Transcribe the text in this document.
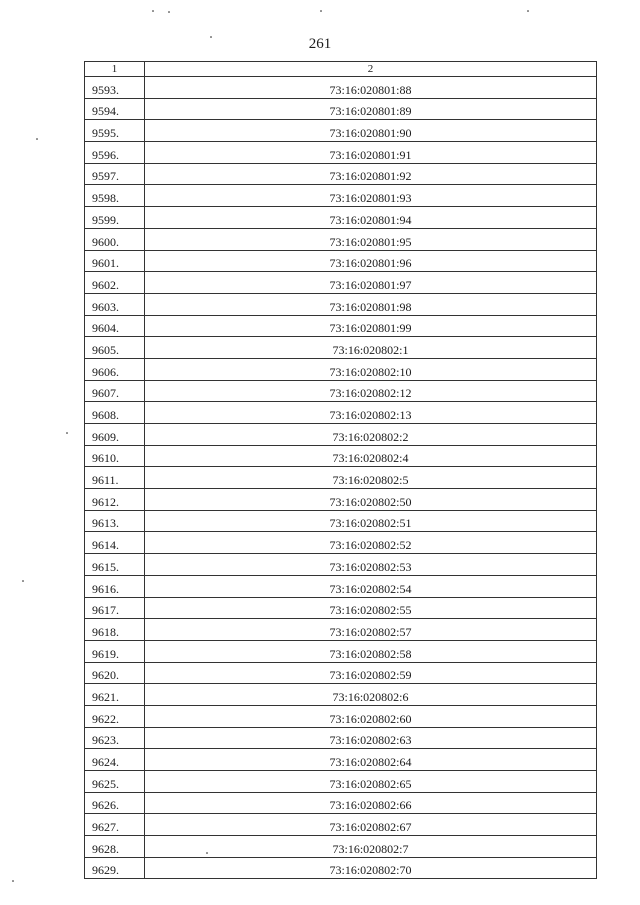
261
1	2
9593.	73:16:020801:88
9594.	73:16:020801:89
9595.	73:16:020801:90
9596.	73:16:020801:91
9597.	73:16:020801:92
9598.	73:16:020801:93
9599.	73:16:020801:94
9600.	73:16:020801:95
9601.	73:16:020801:96
9602.	73:16:020801:97
9603.	73:16:020801:98
9604.	73:16:020801:99
9605.	73:16:020802:1
9606.	73:16:020802:10
9607.	73:16:020802:12
9608.	73:16:020802:13
9609.	73:16:020802:2
9610.	73:16:020802:4
9611.	73:16:020802:5
9612.	73:16:020802:50
9613.	73:16:020802:51
9614.	73:16:020802:52
9615.	73:16:020802:53
9616.	73:16:020802:54
9617.	73:16:020802:55
9618.	73:16:020802:57
9619.	73:16:020802:58
9620.	73:16:020802:59
9621.	73:16:020802:6
9622.	73:16:020802:60
9623.	73:16:020802:63
9624.	73:16:020802:64
9625.	73:16:020802:65
9626.	73:16:020802:66
9627.	73:16:020802:67
9628.	73:16:020802:7
9629.	73:16:020802:70
